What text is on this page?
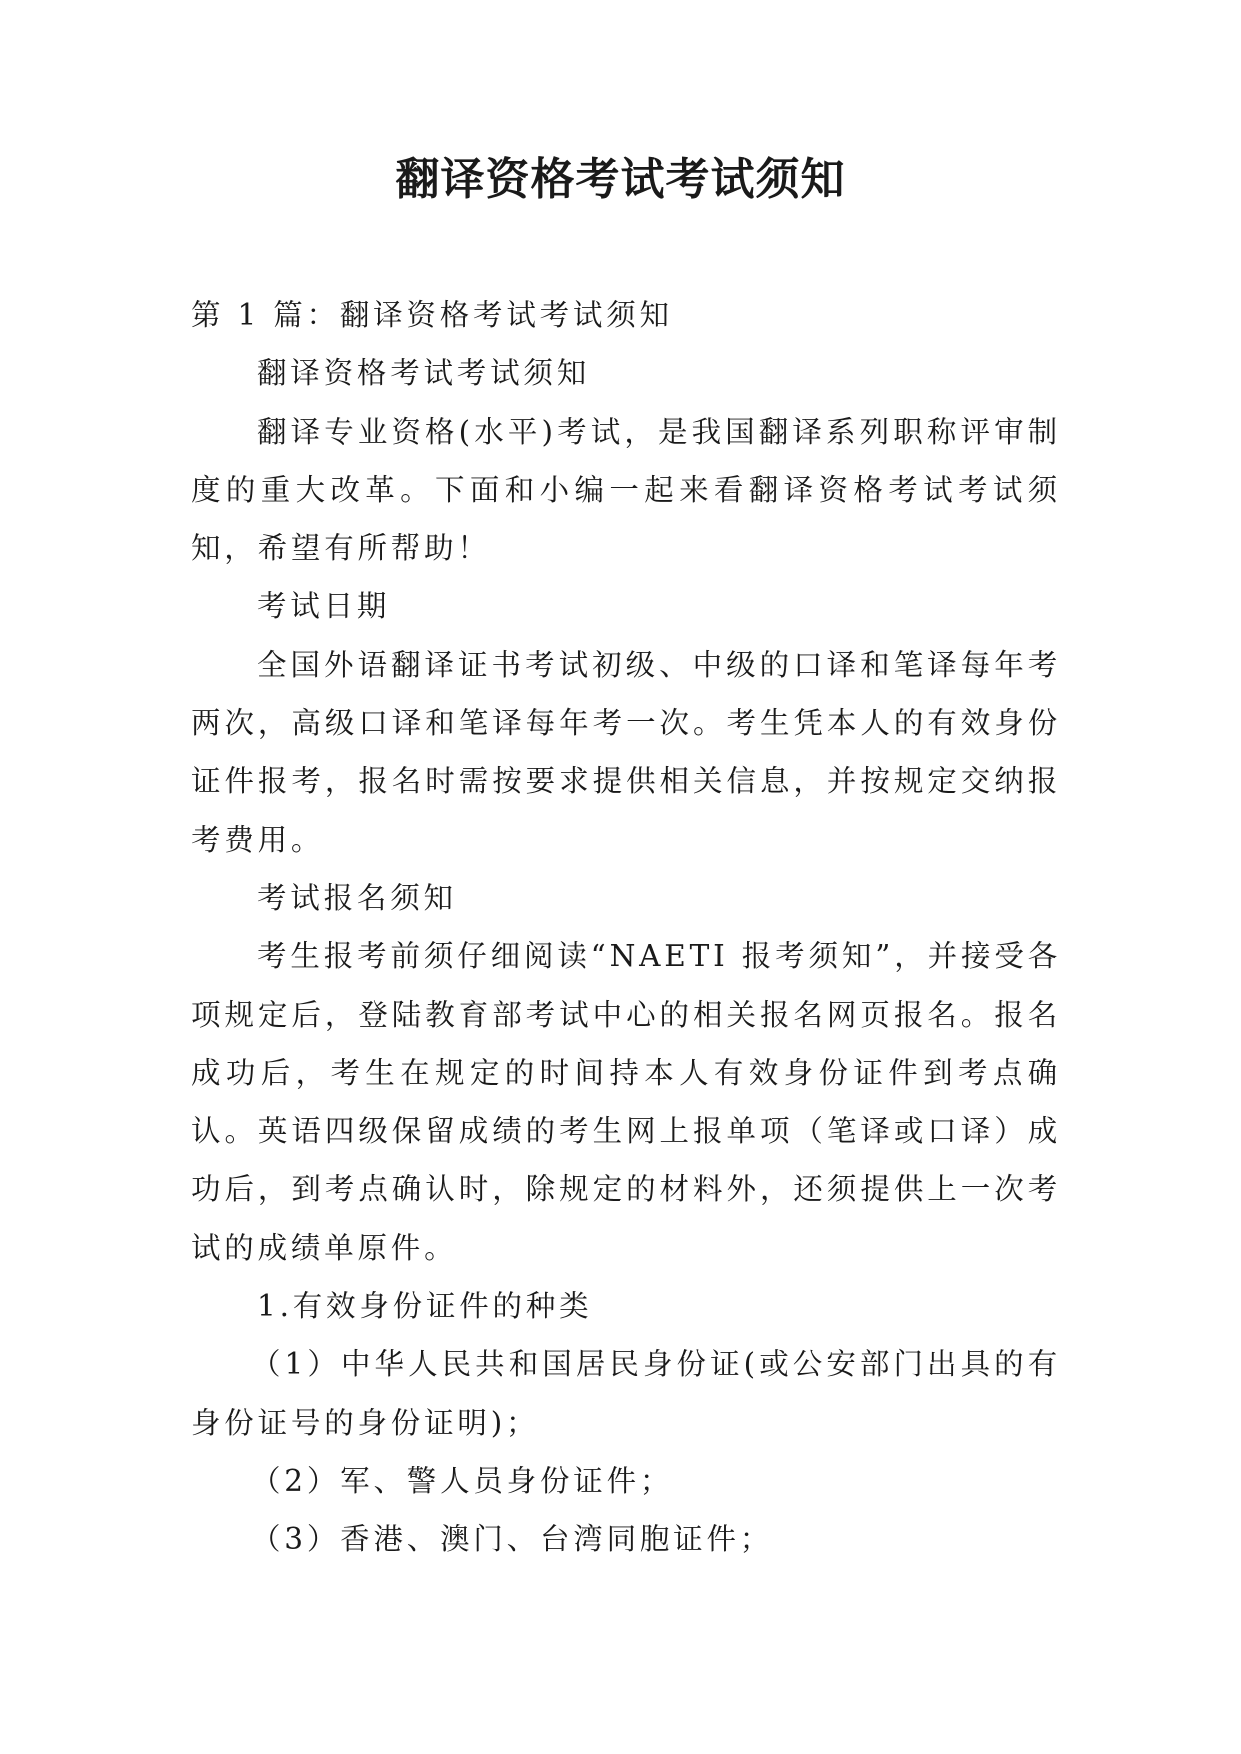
翻译资格考试考试须知

第 1 篇：翻译资格考试考试须知

翻译资格考试考试须知

翻译专业资格(水平)考试，是我国翻译系列职称评审制度的重大改革。下面和小编一起来看翻译资格考试考试须知，希望有所帮助！

考试日期

全国外语翻译证书考试初级、中级的口译和笔译每年考两次，高级口译和笔译每年考一次。考生凭本人的有效身份证件报考，报名时需按要求提供相关信息，并按规定交纳报考费用。

考试报名须知

考生报考前须仔细阅读“NAETI 报考须知”，并接受各项规定后，登陆教育部考试中心的相关报名网页报名。报名成功后，考生在规定的时间持本人有效身份证件到考点确认。英语四级保留成绩的考生网上报单项（笔译或口译）成功后，到考点确认时，除规定的材料外，还须提供上一次考试的成绩单原件。

1.有效身份证件的种类

（1）中华人民共和国居民身份证(或公安部门出具的有身份证号的身份证明)；

（2）军、警人员身份证件；

（3）香港、澳门、台湾同胞证件；
